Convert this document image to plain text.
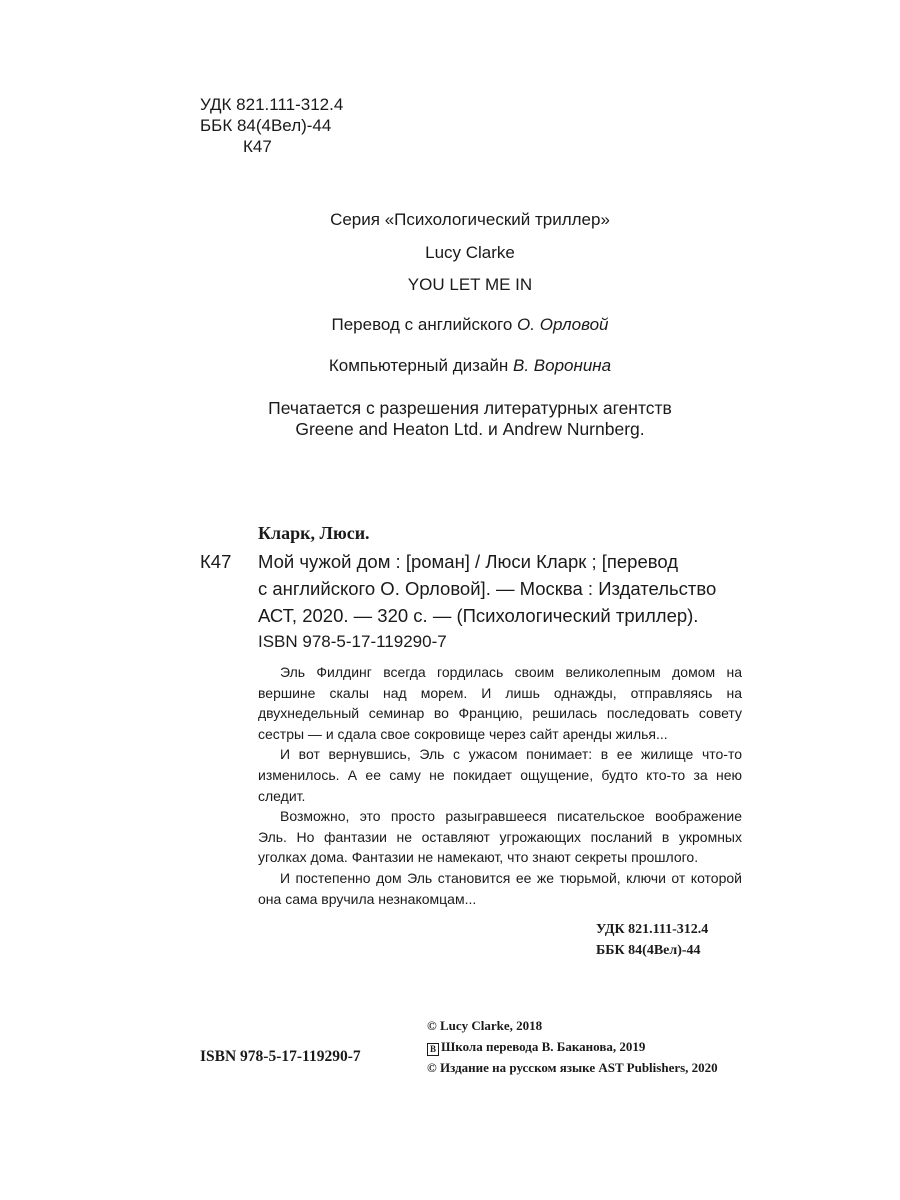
УДК 821.111-312.4
ББК 84(4Вел)-44
К47
Серия «Психологический триллер»
Lucy Clarke
YOU LET ME IN
Перевод с английского О. Орловой
Компьютерный дизайн В. Воронина
Печатается с разрешения литературных агентств
Greene and Heaton Ltd. и Andrew Nurnberg.
Кларк, Люси.
К47 Мой чужой дом : [роман] / Люси Кларк ; [перевод
с английского О. Орловой]. — Москва : Издательство
АСТ, 2020. — 320 с. — (Психологический триллер).
ISBN 978-5-17-119290-7

Эль Филдинг всегда гордилась своим великолепным домом на вершине скалы над морем. И лишь однажды, отправляясь на двухнедельный семинар во Францию, решилась последовать совету сестры — и сдала свое сокровище через сайт аренды жилья...

И вот вернувшись, Эль с ужасом понимает: в ее жилище что-то изменилось. А ее саму не покидает ощущение, будто кто-то за нею следит.

Возможно, это просто разыгравшееся писательское воображение Эль. Но фантазии не оставляют угрожающих посланий в укромных уголках дома. Фантазии не намекают, что знают секреты прошлого.

И постепенно дом Эль становится ее же тюрьмой, ключи от которой она сама вручила незнакомцам...

УДК 821.111-312.4
ББК 84(4Вел)-44
ISBN 978-5-17-119290-7
© Lucy Clarke, 2018
В Школа перевода В. Баканова, 2019
© Издание на русском языке AST Publishers, 2020
